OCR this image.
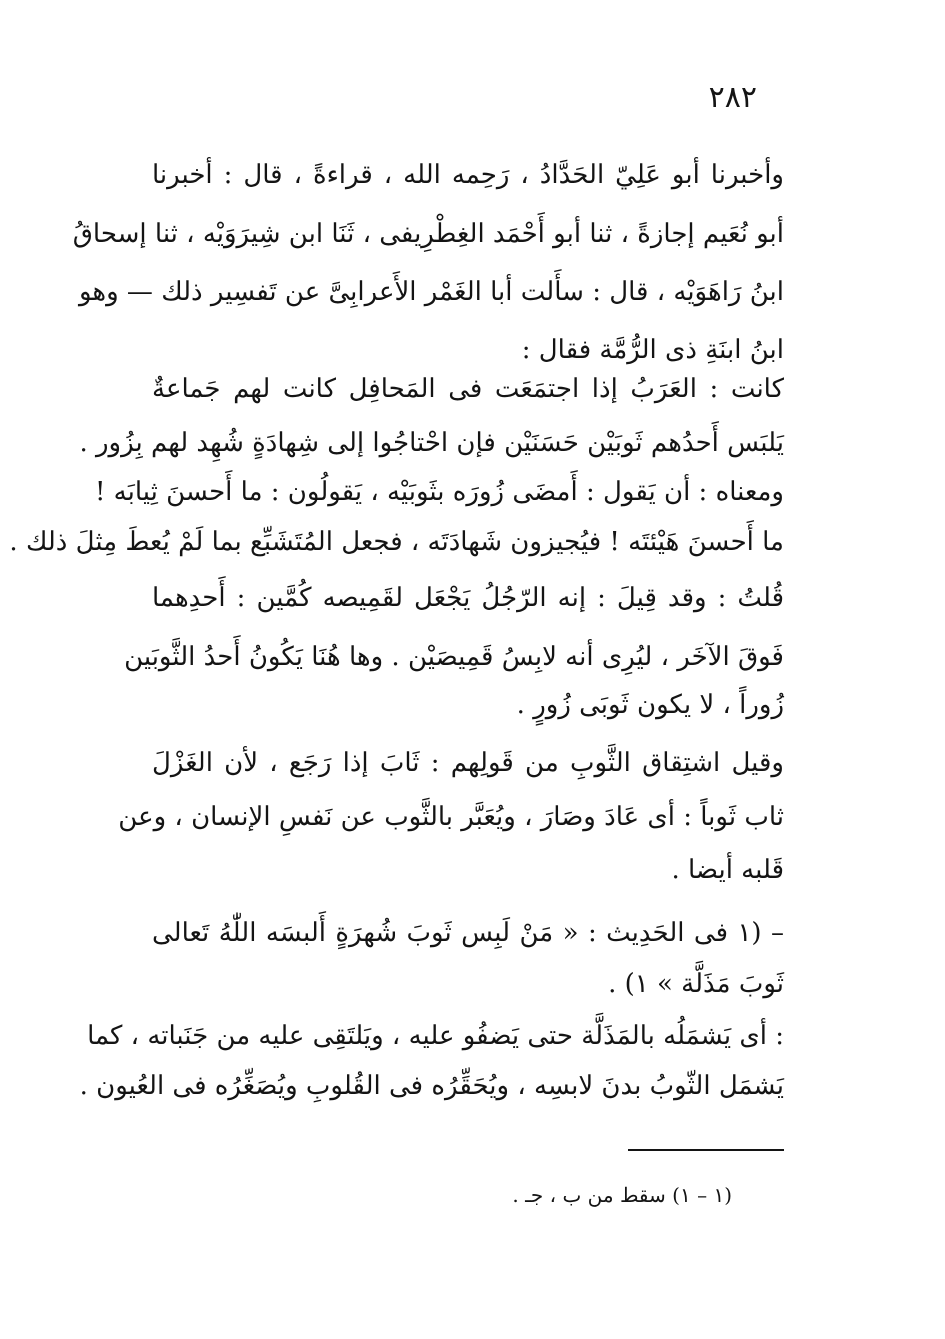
٢٨٢
وأخبرنا أبو عَلِيّ الحَدَّادُ ، رَحِمه الله ، قراءةً ، قال : أخبرنا
أبو نُعَيم إجازةً ، ثنا أبو أَحْمَد الغِطْرِيفى ، ثَنَا ابن شِيرَوَيْه ، ثنا إسحاقُ
ابنُ رَاهَوَيْه ، قال : سأَلت أبا الغَمْر الأَعرابِىَّ عن تَفسِير ذلك — وهو
ابنُ ابنَةِ ذى الرُّمَّة فقال :
كانت : العَرَبُ إذا اجتمَعَت فى المَحافِل كانت لهم جَماعةٌ
يَلبَس أَحدُهم ثَوبَيْن حَسَنَيْن فإن احْتاجُوا إلى شِهادَةٍ شُهِد لهم بِزُور .
ومعناه : أن يَقول : أَمضَى زُورَه بثَوبَيْه ، يَقولُون : ما أَحسنَ ثِيابَه !
ما أَحسنَ هَيْئتَه ! فيُجيزون شَهادَتَه ، فجعل المُتَشَبِّع بما لَمْ يُعطَ مِثلَ ذلك .
قُلتُ : وقد قِيلَ : إنه الرّجُلُ يَجْعَل لقَمِيصه كُمَّين : أَحدِهما
فَوقَ الآخَر ، ليُرِى أنه لابِسُ قَمِيصَيْن . وها هُنَا يَكُونُ أَحدُ الثَّوبَين
زُوراً ، لا يكون ثَوبَى زُورٍ .
وقيل اشتِقاق الثَّوبِ من قَولِهم : ثَابَ إذا رَجَع ، لأن الغَزْلَ
ثاب ثَوباً : أى عَادَ وصَارَ ، ويُعَبَّر بالثَّوب عن نَفسِ الإنسان ، وعن
قَلبه أيضا .
– (١ فى الحَدِيث : « مَنْ لَبِس ثَوبَ شُهرَةٍ أَلبسَه اللّٰهُ تَعالى
ثَوبَ مَذَلَّة » ١) .
: أى يَشمَلُه بالمَذَلَّة حتى يَضفُو عليه ، ويَلتَقِى عليه من جَنَباته ، كما
يَشمَل الثّوبُ بدنَ لابسِه ، ويُحَقِّرُه فى القُلوبِ ويُصَغِّرُه فى العُيون .
(١ – ١) سقط من ب ، جـ .
